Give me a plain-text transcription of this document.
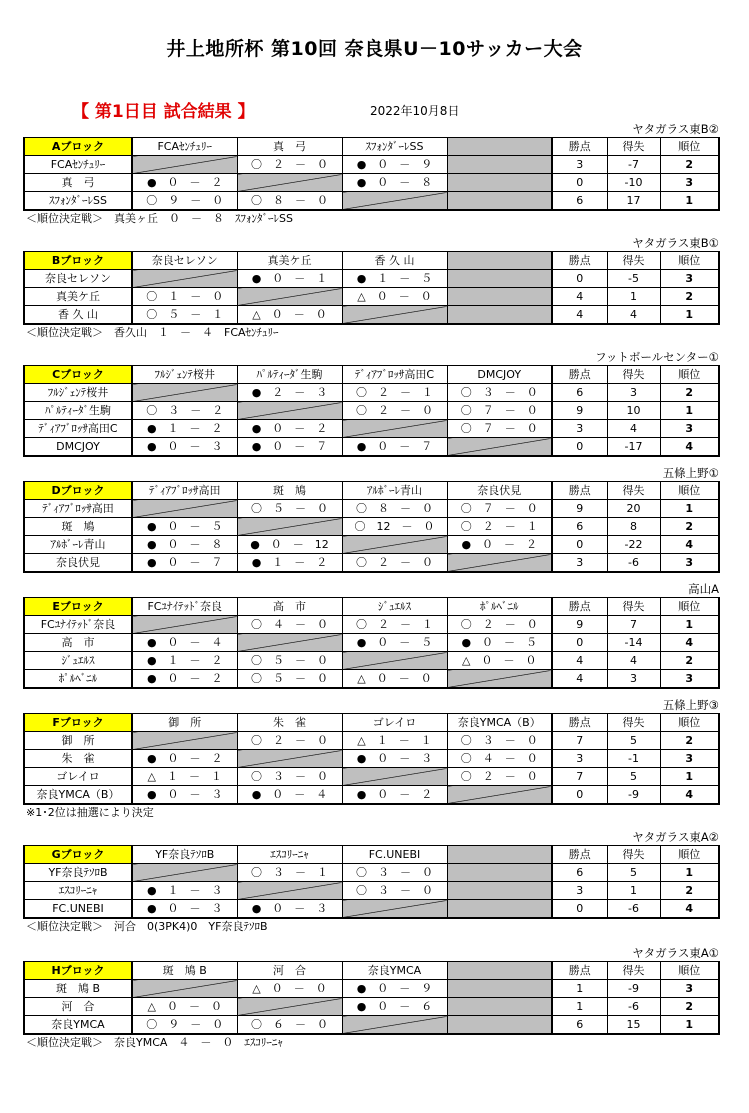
井上地所杯 第10回 奈良県U－10サッカー大会
【 第1日目 試合結果 】	2022年10月8日
ヤタガラス東B②
Aブロック	FCAｾﾝﾁｭﾘｰ	真　弓	ｽﾌｫﾝﾀﾞｰﾚSS		勝点	得失	順位
FCAｾﾝﾁｭﾘｰ		〇　２　－　０	●　０　－　９		3	-7	2
真　弓	●　０　－　２		●　０　－　８		0	-10	3
ｽﾌｫﾝﾀﾞｰﾚSS	〇　９　－　０	〇　８　－　０			6	17	1
＜順位決定戦＞　真美ヶ丘　０　－　８　ｽﾌｫﾝﾀﾞｰﾚSS
ヤタガラス東B①
Bブロック	奈良セレソン	真美ケ丘	香 久 山		勝点	得失	順位
奈良セレソン		●　０　－　１	●　１　－　５		0	-5	3
真美ケ丘	〇　１　－　０		△　０　－　０		4	1	2
香 久 山	〇　５　－　１	△　０　－　０			4	4	1
＜順位決定戦＞　香久山　１　－　４　FCAｾﾝﾁｭﾘｰ
フットボールセンター①
Cブロック	ﾌﾙｼﾞｪﾝﾃ桜井	ﾊﾟﾙﾃｨｰﾀﾞ生駒	ﾃﾞｨｱﾌﾞﾛｯｻ高田C	DMCJOY	勝点	得失	順位
ﾌﾙｼﾞｪﾝﾃ桜井		●　２　－　３	〇　２　－　１	〇　３　－　０	6	3	2
ﾊﾟﾙﾃｨｰﾀﾞ生駒	〇　３　－　２		〇　２　－　０	〇　７　－　０	9	10	1
ﾃﾞｨｱﾌﾞﾛｯｻ高田C	●　１　－　２	●　０　－　２		〇　７　－　０	3	4	3
DMCJOY	●　０　－　３	●　０　－　７	●　０　－　７		0	-17	4
五條上野①
Dブロック	ﾃﾞｨｱﾌﾞﾛｯｻ高田	斑　鳩	ｱﾙﾎﾞｰﾚ青山	奈良伏見	勝点	得失	順位
ﾃﾞｨｱﾌﾞﾛｯｻ高田		〇　５　－　０	〇　８　－　０	〇　７　－　０	9	20	1
斑　鳩	●　０　－　５		〇　12　－　０	〇　２　－　１	6	8	2
ｱﾙﾎﾞｰﾚ青山	●　０　－　８	●　０　－　12		●　０　－　２	0	-22	4
奈良伏見	●　０　－　７	●　１　－　２	〇　２　－　０		3	-6	3
高山A
Eブロック	FCﾕﾅｲﾃｯﾄﾞ奈良	高　市	ｼﾞｭｴﾙｽ	ﾎﾟﾙﾍﾞﾆﾙ	勝点	得失	順位
FCﾕﾅｲﾃｯﾄﾞ奈良		〇　４　－　０	〇　２　－　１	〇　２　－　０	9	7	1
高　市	●　０　－　４		●　０　－　５	●　０　－　５	0	-14	4
ｼﾞｭｴﾙｽ	●　１　－　２	〇　５　－　０		△　０　－　０	4	4	2
ﾎﾟﾙﾍﾞﾆﾙ	●　０　－　２	〇　５　－　０	△　０　－　０		4	3	3
五條上野③
Fブロック	御　所	朱　雀	ゴレイロ	奈良YMCA（B）	勝点	得失	順位
御　所		〇　２　－　０	△　１　－　１	〇　３　－　０	7	5	2
朱　雀	●　０　－　２		●　０　－　３	〇　４　－　０	3	-1	3
ゴレイロ	△　１　－　１	〇　３　－　０		〇　２　－　０	7	5	1
奈良YMCA（B）	●　０　－　３	●　０　－　４	●　０　－　２		0	-9	4
※1･2位は抽選により決定
ヤタガラス東A②
Gブロック	YF奈良ﾃｿﾛB	ｴｽｺﾘｰﾆｬ	FC.UNEBI		勝点	得失	順位
YF奈良ﾃｿﾛB		〇　３　－　１	〇　３　－　０		6	5	1
ｴｽｺﾘｰﾆｬ	●　１　－　３		〇　３　－　０		3	1	2
FC.UNEBI	●　０　－　３	●　０　－　３			0	-6	4
＜順位決定戦＞　河合　0(3PK4)0　YF奈良ﾃｿﾛB
ヤタガラス東A①
Hブロック	斑　鳩 B	河　合	奈良YMCA		勝点	得失	順位
斑　鳩 B		△　０　－　０	●　０　－　９		1	-9	3
河　合	△　０　－　０		●　０　－　６		1	-6	2
奈良YMCA	〇　９　－　０	〇　６　－　０			6	15	1
＜順位決定戦＞　奈良YMCA　４　－　０　ｴｽｺﾘｰﾆｬ
